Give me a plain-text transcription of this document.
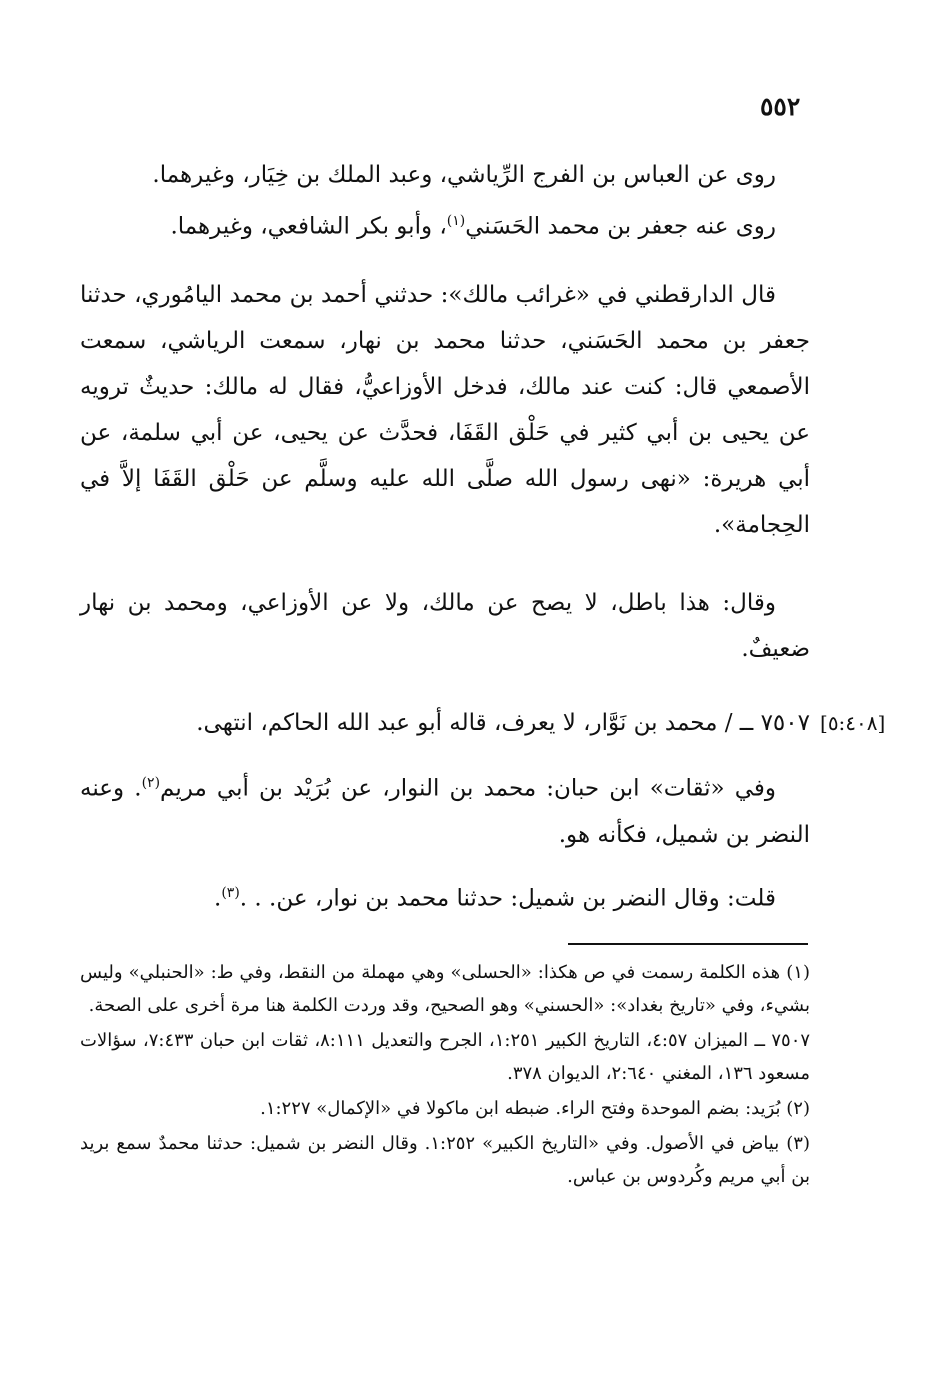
٥٥٢

روى عن العباس بن الفرج الرِّياشي، وعبد الملك بن خِيَار، وغيرهما.

روى عنه جعفر بن محمد الحَسَني$^{(١)}$، وأبو بكر الشافعي، وغيرهما.

قال الدارقطني في «غرائب مالك»: حدثني أحمد بن محمد اليامُوري، حدثنا جعفر بن محمد الحَسَني، حدثنا محمد بن نهار، سمعت الرياشي، سمعت الأصمعي قال: كنت عند مالك، فدخل الأوزاعيُّ، فقال له مالك: حديثٌ ترويه عن يحيى بن أبي كثير في حَلْق القَفَا، فحدَّث عن يحيى، عن أبي سلمة، عن أبي هريرة: «نهى رسول الله صلَّى الله عليه وسلَّم عن حَلْق القَفَا إلاَّ في الحِجامة».

وقال: هذا باطل، لا يصح عن مالك، ولا عن الأوزاعي، ومحمد بن نهار ضعيفٌ.

[٥:٤٠٨]
٧٥٠٧ ــ / محمد بن نَوَّار، لا يعرف، قاله أبو عبد الله الحاكم، انتهى.

وفي «ثقات» ابن حبان: محمد بن النوار، عن بُرَيْد بن أبي مريم$^{(٢)}$. وعنه النضر بن شميل، فكأنه هو.

قلت: وقال النضر بن شميل: حدثنا محمد بن نوار، عن. . .$^{(٣)}$.

(١) هذه الكلمة رسمت في ص هكذا: «الحسلى» وهي مهملة من النقط، وفي ط: «الحنبلي» وليس بشيء، وفي «تاريخ بغداد»: «الحسني» وهو الصحيح، وقد وردت الكلمة هنا مرة أخرى على الصحة.

٧٥٠٧ ــ الميزان ٤:٥٧، التاريخ الكبير ١:٢٥١، الجرح والتعديل ٨:١١١، ثقات ابن حبان ٧:٤٣٣، سؤالات مسعود ١٣٦، المغني ٢:٦٤٠، الديوان ٣٧٨.

(٢) بُرَيد: بضم الموحدة وفتح الراء. ضبطه ابن ماكولا في «الإكمال» ١:٢٢٧.

(٣) بياض في الأصول. وفي «التاريخ الكبير» ١:٢٥٢. وقال النضر بن شميل: حدثنا محمدٌ سمع بريد بن أبي مريم وكُردوس بن عباس.
